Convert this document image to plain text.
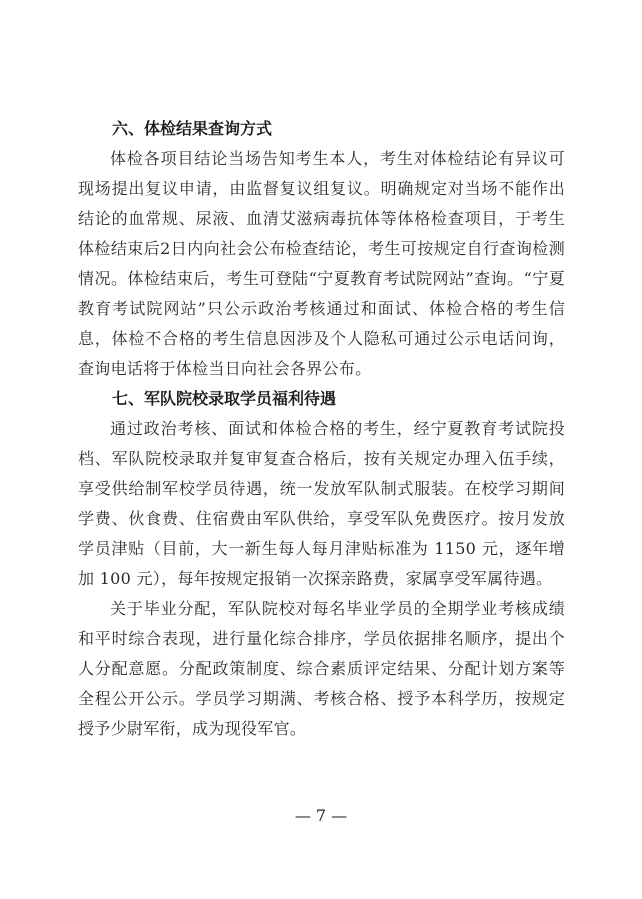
六、体检结果查询方式

体检各项目结论当场告知考生本人，考生对体检结论有异议可现场提出复议申请，由监督复议组复议。明确规定对当场不能作出结论的血常规、尿液、血清艾滋病毒抗体等体格检查项目，于考生体检结束后2日内向社会公布检查结论，考生可按规定自行查询检测情况。体检结束后，考生可登陆“宁夏教育考试院网站”查询。“宁夏教育考试院网站”只公示政治考核通过和面试、体检合格的考生信息，体检不合格的考生信息因涉及个人隐私可通过公示电话问询，查询电话将于体检当日向社会各界公布。

七、军队院校录取学员福利待遇

通过政治考核、面试和体检合格的考生，经宁夏教育考试院投档、军队院校录取并复审复查合格后，按有关规定办理入伍手续，享受供给制军校学员待遇，统一发放军队制式服装。在校学习期间学费、伙食费、住宿费由军队供给，享受军队免费医疗。按月发放学员津贴（目前，大一新生每人每月津贴标准为 1150 元，逐年增加 100 元），每年按规定报销一次探亲路费，家属享受军属待遇。

关于毕业分配，军队院校对每名毕业学员的全期学业考核成绩和平时综合表现，进行量化综合排序，学员依据排名顺序，提出个人分配意愿。分配政策制度、综合素质评定结果、分配计划方案等全程公开公示。学员学习期满、考核合格、授予本科学历，按规定授予少尉军衔，成为现役军官。

— 7 —
